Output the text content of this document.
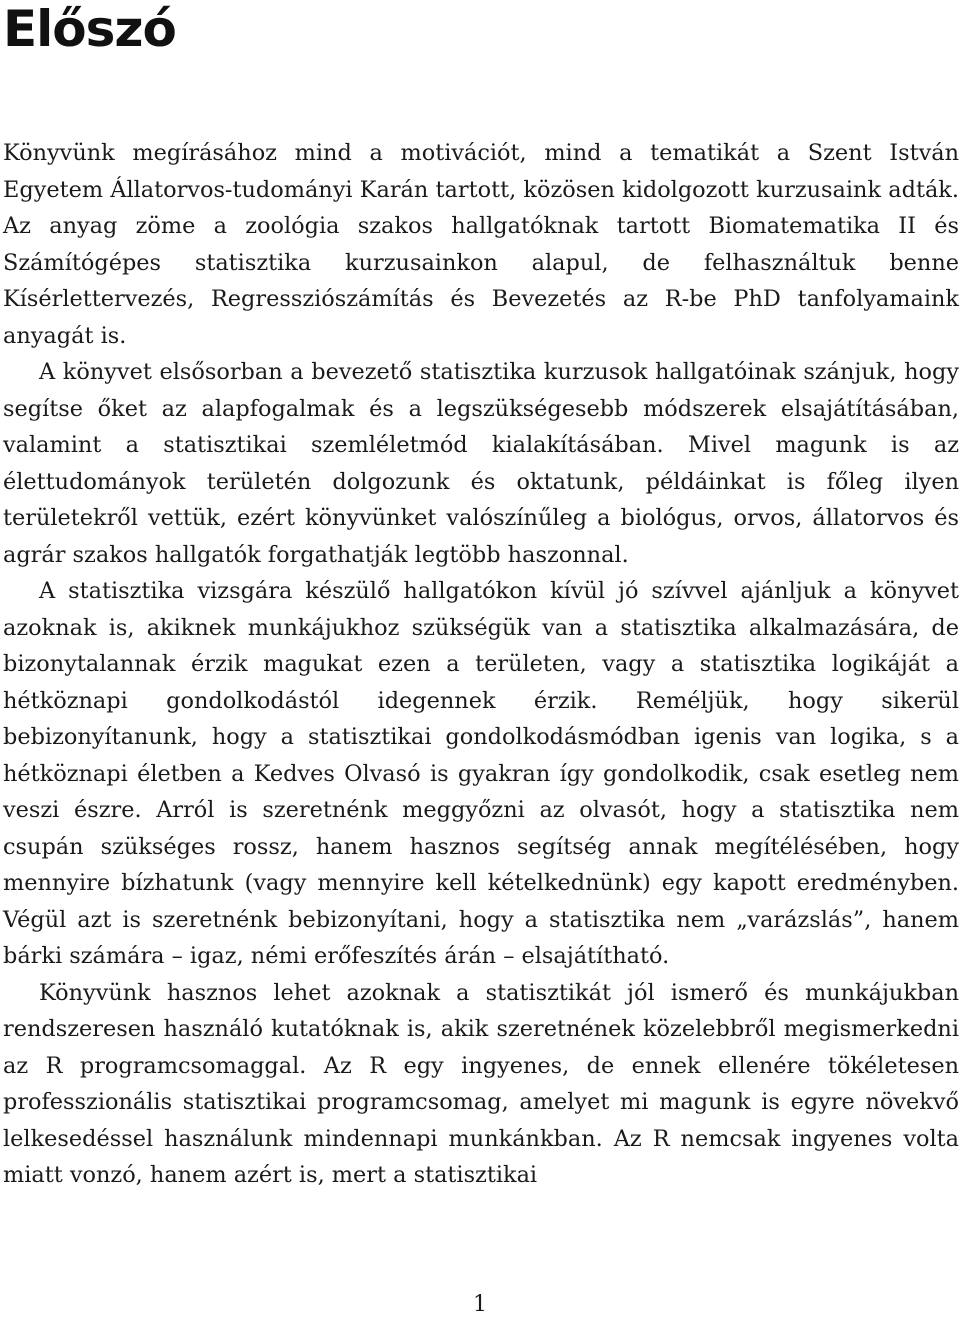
Előszó

Könyvünk megírásához mind a motivációt, mind a tematikát a Szent István Egyetem Állatorvos-tudományi Karán tartott, közösen kidolgozott kurzusaink adták. Az anyag zöme a zoológia szakos hallgatóknak tartott Biomatematika II és Számítógépes statisztika kurzusainkon alapul, de felhasználtuk benne Kísérlettervezés, Regressziószámítás és Bevezetés az R-be PhD tanfolyamaink anyagát is.

A könyvet elsősorban a bevezető statisztika kurzusok hallgatóinak szánjuk, hogy segítse őket az alapfogalmak és a legszükségesebb módszerek elsajátításában, valamint a statisztikai szemléletmód kialakításában. Mivel magunk is az élettudományok területén dolgozunk és oktatunk, példáinkat is főleg ilyen területekről vettük, ezért könyvünket valószínűleg a biológus, orvos, állatorvos és agrár szakos hallgatók forgathatják legtöbb haszonnal.

A statisztika vizsgára készülő hallgatókon kívül jó szívvel ajánljuk a könyvet azoknak is, akiknek munkájukhoz szükségük van a statisztika alkalmazására, de bizonytalannak érzik magukat ezen a területen, vagy a statisztika logikáját a hétköznapi gondolkodástól idegennek érzik. Reméljük, hogy sikerül bebizonyítanunk, hogy a statisztikai gondolkodásmódban igenis van logika, s a hétköznapi életben a Kedves Olvasó is gyakran így gondolkodik, csak esetleg nem veszi észre. Arról is szeretnénk meggyőzni az olvasót, hogy a statisztika nem csupán szükséges rossz, hanem hasznos segítség annak megítélésében, hogy mennyire bízhatunk (vagy mennyire kell kételkednünk) egy kapott eredményben. Végül azt is szeretnénk bebizonyítani, hogy a statisztika nem „varázslás”, hanem bárki számára – igaz, némi erőfeszítés árán – elsajátítható.

Könyvünk hasznos lehet azoknak a statisztikát jól ismerő és munkájukban rendszeresen használó kutatóknak is, akik szeretnének közelebbről megismerkedni az R programcsomaggal. Az R egy ingyenes, de ennek ellenére tökéletesen professzionális statisztikai programcsomag, amelyet mi magunk is egyre növekvő lelkesedéssel használunk mindennapi munkánkban. Az R nemcsak ingyenes volta miatt vonzó, hanem azért is, mert a statisztikai

1
